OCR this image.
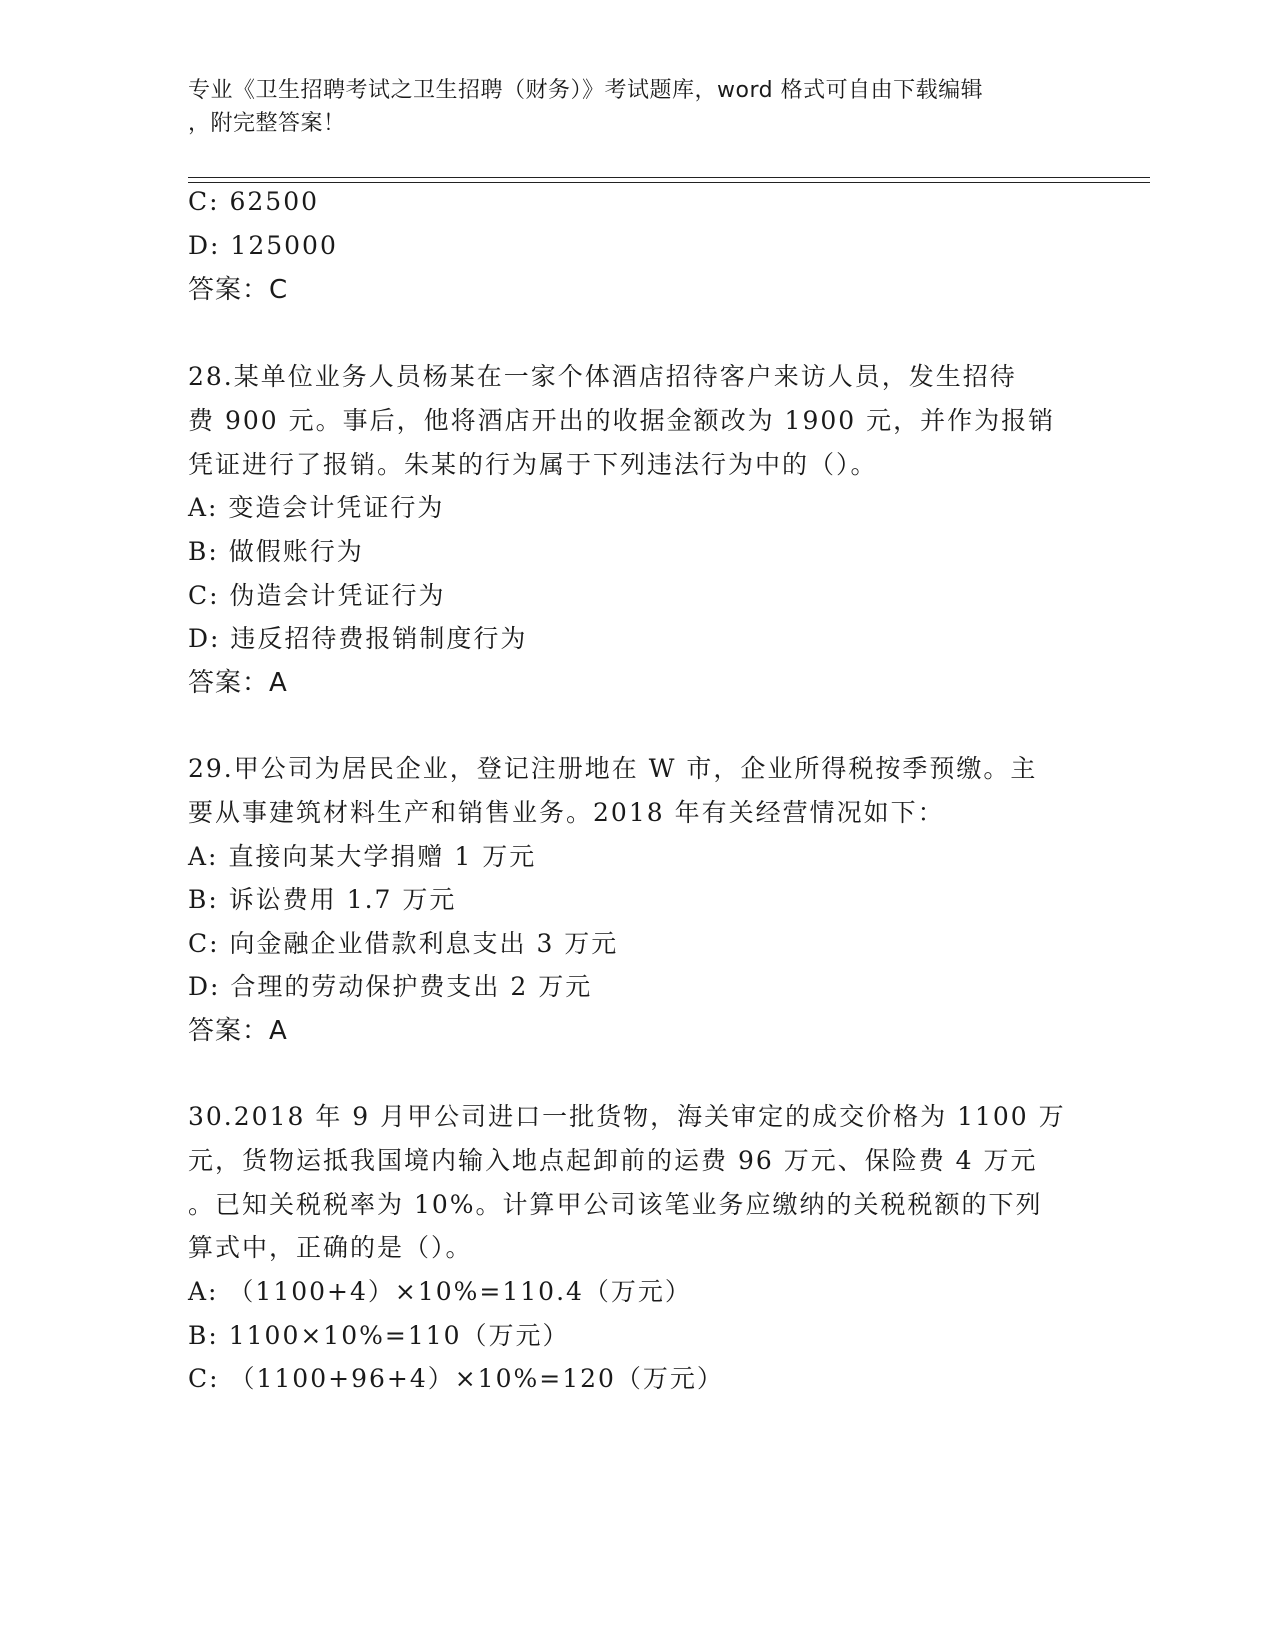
专业《卫生招聘考试之卫生招聘（财务）》考试题库，word 格式可自由下载编辑
，附完整答案！
C: 62500
D: 125000
答案：C
28.某单位业务人员杨某在一家个体酒店招待客户来访人员，发生招待
费 900 元。事后，他将酒店开出的收据金额改为 1900 元，并作为报销
凭证进行了报销。朱某的行为属于下列违法行为中的（）。
A: 变造会计凭证行为
B: 做假账行为
C: 伪造会计凭证行为
D: 违反招待费报销制度行为
答案：A
29.甲公司为居民企业，登记注册地在 W 市，企业所得税按季预缴。主
要从事建筑材料生产和销售业务。2018 年有关经营情况如下：
A: 直接向某大学捐赠 1 万元
B: 诉讼费用 1.7 万元
C: 向金融企业借款利息支出 3 万元
D: 合理的劳动保护费支出 2 万元
答案：A
30.2018 年 9 月甲公司进口一批货物，海关审定的成交价格为 1100 万
元，货物运抵我国境内输入地点起卸前的运费 96 万元、保险费 4 万元
。已知关税税率为 10%。计算甲公司该笔业务应缴纳的关税税额的下列
算式中，正确的是（）。
A: （1100+4）×10%=110.4（万元）
B: 1100×10%=110（万元）
C: （1100+96+4）×10%=120（万元）
